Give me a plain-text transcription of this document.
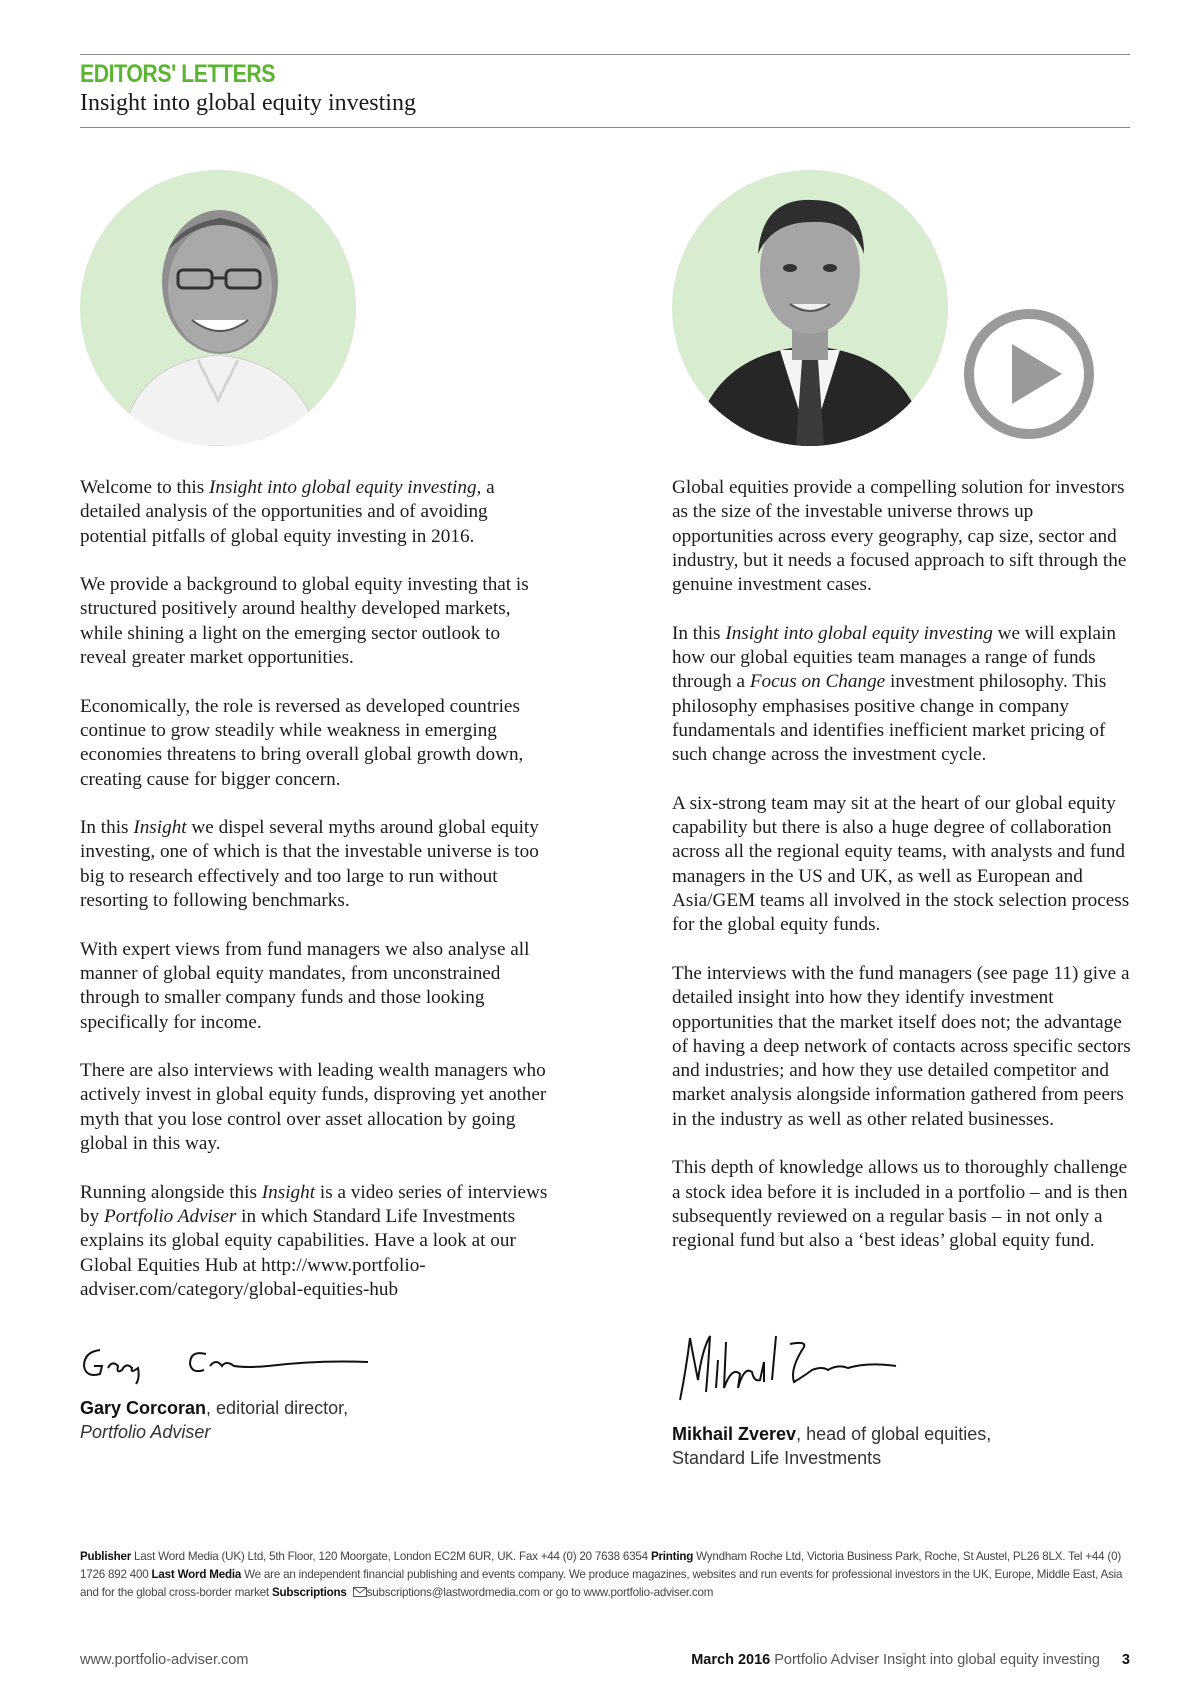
EDITORS' LETTERS
Insight into global equity investing

Welcome to this Insight into global equity investing, a detailed analysis of the opportunities and of avoiding potential pitfalls of global equity investing in 2016.

We provide a background to global equity investing that is structured positively around healthy developed markets, while shining a light on the emerging sector outlook to reveal greater market opportunities.

Economically, the role is reversed as developed countries continue to grow steadily while weakness in emerging economies threatens to bring overall global growth down, creating cause for bigger concern.

In this Insight we dispel several myths around global equity investing, one of which is that the investable universe is too big to research effectively and too large to run without resorting to following benchmarks.

With expert views from fund managers we also analyse all manner of global equity mandates, from unconstrained through to smaller company funds and those looking specifically for income.

There are also interviews with leading wealth managers who actively invest in global equity funds, disproving yet another myth that you lose control over asset allocation by going global in this way.

Running alongside this Insight is a video series of interviews by Portfolio Adviser in which Standard Life Investments explains its global equity capabilities. Have a look at our Global Equities Hub at http://www.portfolio-adviser.com/category/global-equities-hub

Gary Corcoran, editorial director,
Portfolio Adviser

Global equities provide a compelling solution for investors as the size of the investable universe throws up opportunities across every geography, cap size, sector and industry, but it needs a focused approach to sift through the genuine investment cases.

In this Insight into global equity investing we will explain how our global equities team manages a range of funds through a Focus on Change investment philosophy. This philosophy emphasises positive change in company fundamentals and identifies inefficient market pricing of such change across the investment cycle.

A six-strong team may sit at the heart of our global equity capability but there is also a huge degree of collaboration across all the regional equity teams, with analysts and fund managers in the US and UK, as well as European and Asia/GEM teams all involved in the stock selection process for the global equity funds.

The interviews with the fund managers (see page 11) give a detailed insight into how they identify investment opportunities that the market itself does not; the advantage of having a deep network of contacts across specific sectors and industries; and how they use detailed competitor and market analysis alongside information gathered from peers in the industry as well as other related businesses.

This depth of knowledge allows us to thoroughly challenge a stock idea before it is included in a portfolio – and is then subsequently reviewed on a regular basis – in not only a regional fund but also a ‘best ideas’ global equity fund.

Mikhail Zverev, head of global equities,
Standard Life Investments
Publisher Last Word Media (UK) Ltd, 5th Floor, 120 Moorgate, London EC2M 6UR, UK. Fax +44 (0) 20 7638 6354 Printing Wyndham Roche Ltd, Victoria Business Park, Roche, St Austel, PL26 8LX. Tel +44 (0) 1726 892 400 Last Word Media We are an independent financial publishing and events company. We produce magazines, websites and run events for professional investors in the UK, Europe, Middle East, Asia and for the global cross-border market Subscriptions subscriptions@lastwordmedia.com or go to www.portfolio-adviser.com
www.portfolio-adviser.com	March 2016 Portfolio Adviser Insight into global equity investing 3
